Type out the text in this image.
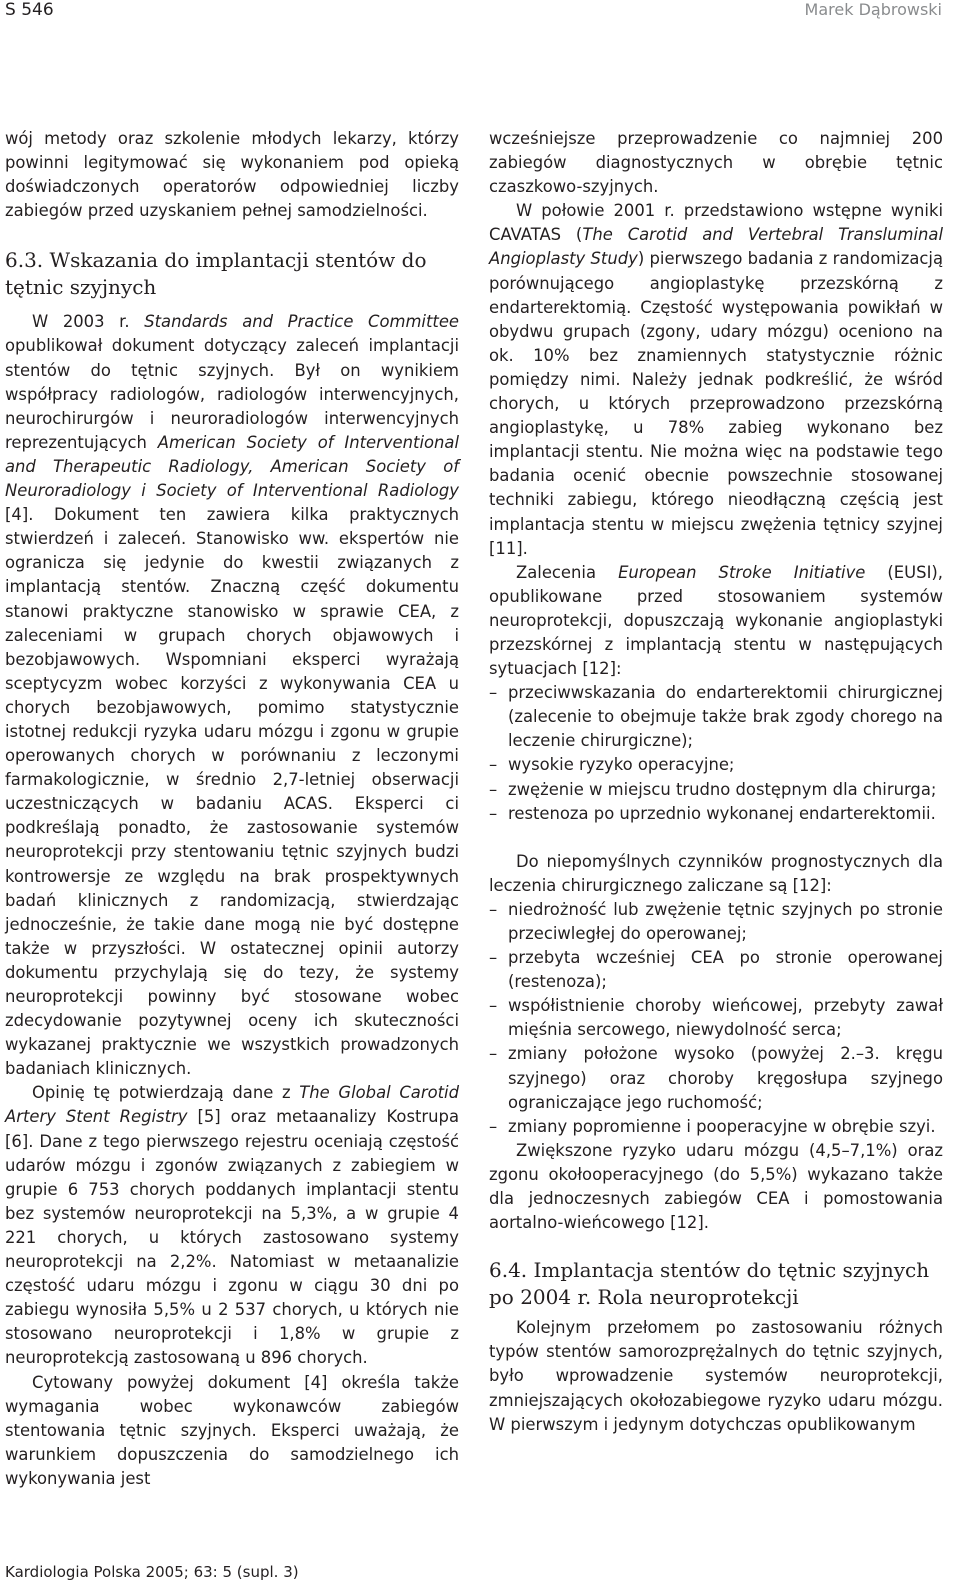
S 546	Marek Dąbrowski

wój metody oraz szkolenie młodych lekarzy, którzy powinni legitymować się wykonaniem pod opieką doświadczonych operatorów odpowiedniej liczby zabiegów przed uzyskaniem pełnej samodzielności.

6.3. Wskazania do implantacji stentów do tętnic szyjnych

W 2003 r. Standards and Practice Committee opublikował dokument dotyczący zaleceń implantacji stentów do tętnic szyjnych. Był on wynikiem współpracy radiologów, radiologów interwencyjnych, neurochirurgów i neuroradiologów interwencyjnych reprezentujących American Society of Interventional and Therapeutic Radiology, American Society of Neuroradiology i Society of Interventional Radiology [4]. Dokument ten zawiera kilka praktycznych stwierdzeń i zaleceń. Stanowisko ww. ekspertów nie ogranicza się jedynie do kwestii związanych z implantacją stentów. Znaczną część dokumentu stanowi praktyczne stanowisko w sprawie CEA, z zaleceniami w grupach chorych objawowych i bezobjawowych. Wspomniani eksperci wyrażają sceptycyzm wobec korzyści z wykonywania CEA u chorych bezobjawowych, pomimo statystycznie istotnej redukcji ryzyka udaru mózgu i zgonu w grupie operowanych chorych w porównaniu z leczonymi farmakologicznie, w średnio 2,7-letniej obserwacji uczestniczących w badaniu ACAS. Eksperci ci podkreślają ponadto, że zastosowanie systemów neuroprotekcji przy stentowaniu tętnic szyjnych budzi kontrowersje ze względu na brak prospektywnych badań klinicznych z randomizacją, stwierdzając jednocześnie, że takie dane mogą nie być dostępne także w przyszłości. W ostatecznej opinii autorzy dokumentu przychylają się do tezy, że systemy neuroprotekcji powinny być stosowane wobec zdecydowanie pozytywnej oceny ich skuteczności wykazanej praktycznie we wszystkich prowadzonych badaniach klinicznych.

Opinię tę potwierdzają dane z The Global Carotid Artery Stent Registry [5] oraz metaanalizy Kostrupa [6]. Dane z tego pierwszego rejestru oceniają częstość udarów mózgu i zgonów związanych z zabiegiem w grupie 6 753 chorych poddanych implantacji stentu bez systemów neuroprotekcji na 5,3%, a w grupie 4 221 chorych, u których zastosowano systemy neuroprotekcji na 2,2%. Natomiast w metaanalizie częstość udaru mózgu i zgonu w ciągu 30 dni po zabiegu wynosiła 5,5% u 2 537 chorych, u których nie stosowano neuroprotekcji i 1,8% w grupie z neuroprotekcją zastosowaną u 896 chorych.

Cytowany powyżej dokument [4] określa także wymagania wobec wykonawców zabiegów stentowania tętnic szyjnych. Eksperci uważają, że warunkiem dopuszczenia do samodzielnego ich wykonywania jest

wcześniejsze przeprowadzenie co najmniej 200 zabiegów diagnostycznych w obrębie tętnic czaszkowo-szyjnych.

W połowie 2001 r. przedstawiono wstępne wyniki CAVATAS (The Carotid and Vertebral Transluminal Angioplasty Study) pierwszego badania z randomizacją porównującego angioplastykę przezskórną z endarterektomią. Częstość występowania powikłań w obydwu grupach (zgony, udary mózgu) oceniono na ok. 10% bez znamiennych statystycznie różnic pomiędzy nimi. Należy jednak podkreślić, że wśród chorych, u których przeprowadzono przezskórną angioplastykę, u 78% zabieg wykonano bez implantacji stentu. Nie można więc na podstawie tego badania ocenić obecnie powszechnie stosowanej techniki zabiegu, którego nieodłączną częścią jest implantacja stentu w miejscu zwężenia tętnicy szyjnej [11].

Zalecenia European Stroke Initiative (EUSI), opublikowane przed stosowaniem systemów neuroprotekcji, dopuszczają wykonanie angioplastyki przezskórnej z implantacją stentu w następujących sytuacjach [12]:

– przeciwwskazania do endarterektomii chirurgicznej (zalecenie to obejmuje także brak zgody chorego na leczenie chirurgiczne);
– wysokie ryzyko operacyjne;
– zwężenie w miejscu trudno dostępnym dla chirurga;
– restenoza po uprzednio wykonanej endarterektomii.

Do niepomyślnych czynników prognostycznych dla leczenia chirurgicznego zaliczane są [12]:

– niedrożność lub zwężenie tętnic szyjnych po stronie przeciwległej do operowanej;
– przebyta wcześniej CEA po stronie operowanej (restenoza);
– współistnienie choroby wieńcowej, przebyty zawał mięśnia sercowego, niewydolność serca;
– zmiany położone wysoko (powyżej 2.–3. kręgu szyjnego) oraz choroby kręgosłupa szyjnego ograniczające jego ruchomość;
– zmiany popromienne i pooperacyjne w obrębie szyi.

Zwiększone ryzyko udaru mózgu (4,5–7,1%) oraz zgonu okołooperacyjnego (do 5,5%) wykazano także dla jednoczesnych zabiegów CEA i pomostowania aortalno-wieńcowego [12].

6.4. Implantacja stentów do tętnic szyjnych po 2004 r. Rola neuroprotekcji

Kolejnym przełomem po zastosowaniu różnych typów stentów samorozprężalnych do tętnic szyjnych, było wprowadzenie systemów neuroprotekcji, zmniejszających okołozabiegowe ryzyko udaru mózgu. W pierwszym i jedynym dotychczas opublikowanym

Kardiologia Polska 2005; 63: 5 (supl. 3)
